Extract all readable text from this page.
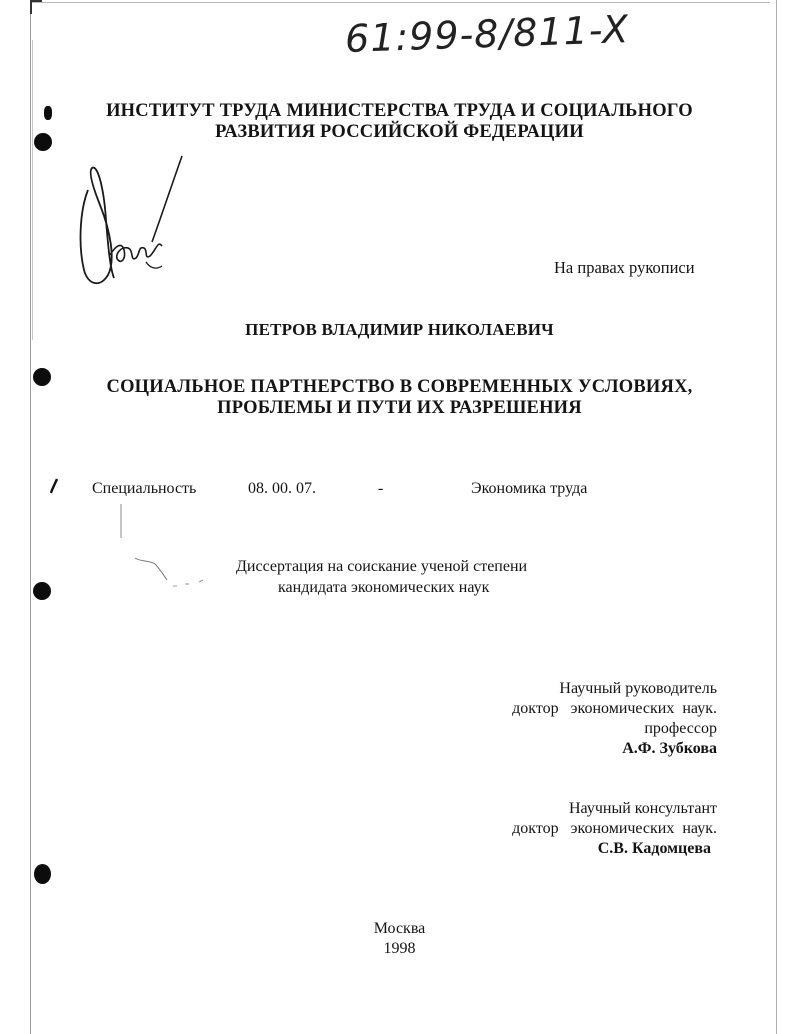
61:99-8/811-X
ИНСТИТУТ ТРУДА МИНИСТЕРСТВА ТРУДА И СОЦИАЛЬНОГО
РАЗВИТИЯ РОССИЙСКОЙ ФЕДЕРАЦИИ
На правах рукописи
ПЕТРОВ ВЛАДИМИР НИКОЛАЕВИЧ
СОЦИАЛЬНОЕ ПАРТНЕРСТВО В СОВРЕМЕННЫХ УСЛОВИЯХ,
ПРОБЛЕМЫ И ПУТИ ИХ РАЗРЕШЕНИЯ
Специальность	08. 00. 07.	-	Экономика труда
Диссертация на соискание ученой степени
кандидата экономических наук
Научный руководитель
доктор   экономических  наук.
профессор
А.Ф. Зубкова
Научный консультант
доктор   экономических  наук.
С.В. Кадомцева
Москва
1998
